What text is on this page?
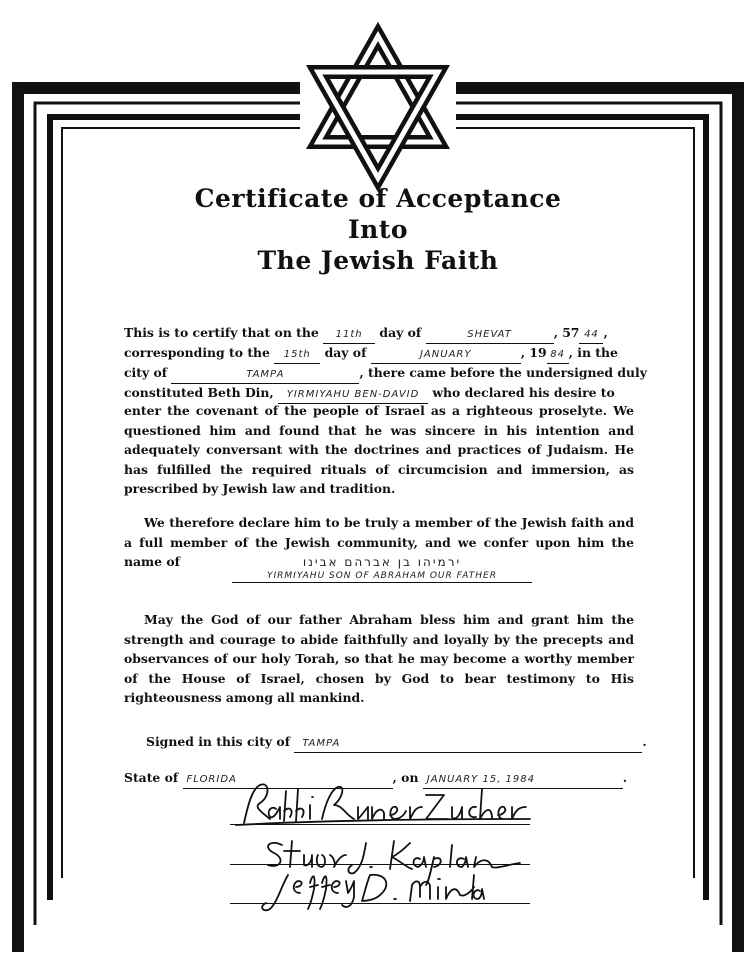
Certificate of Acceptance
Into
The Jewish Faith
This is to certify that on the 11th day of	SHEVAT	, 57 44 ,
corresponding to the 15th day of	JANUARY	, 19 84 , in the
city of	TAMPA	, there came before the undersigned duly
constituted Beth Din, YIRMIYAHU BEN-DAVID who declared his desire to
enter the covenant of the people of Israel as a righteous proselyte. We questioned him and found that he was sincere in his intention and adequately conversant with the doctrines and practices of Judaism. He has fulfilled the required rituals of circumcision and immersion, as prescribed by Jewish law and tradition.
We therefore declare him to be truly a member of the Jewish faith and a full member of the Jewish community, and we confer upon him the name of	ירמיהו בן אברהם אבינו
YIRMIYAHU SON OF ABRAHAM OUR FATHER
May the God of our father Abraham bless him and grant him the strength and courage to abide faithfully and loyally by the precepts and observances of our holy Torah, so that he may become a worthy member of the House of Israel, chosen by God to bear testimony to His righteousness among all mankind.
Signed in this city of TAMPA	.
State of FLORIDA	, on JANUARY 15, 1984	.
